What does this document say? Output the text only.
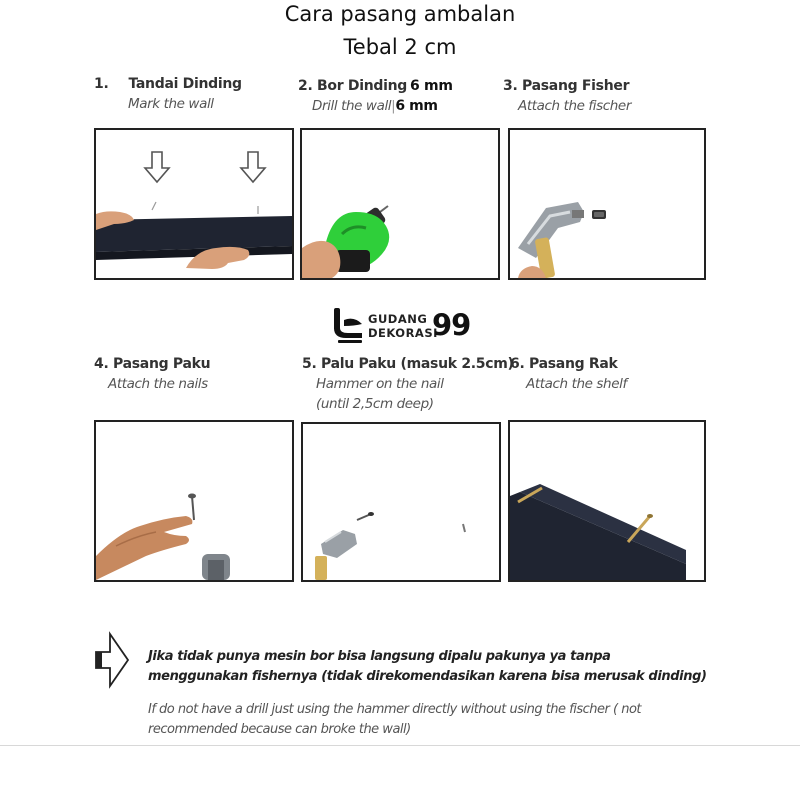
Cara pasang ambalan
Tebal 2 cm
1. Tandai Dinding
Mark the wall
2. Bor Dinding 6 mm
Drill the wall|6 mm
3. Pasang Fisher
Attach the fischer
GUDANG
DEKORASI
99
4. Pasang Paku
Attach the nails
5. Palu Paku (masuk 2.5cm)
Hammer on the nail
(until 2,5cm deep)
6. Pasang Rak
Attach the shelf
Jika tidak punya mesin bor bisa langsung dipalu pakunya ya tanpa
menggunakan fishernya (tidak direkomendasikan karena bisa merusak dinding)
If do not have a drill just using the hammer directly without using the fischer ( not
recommended because can broke the wall)
